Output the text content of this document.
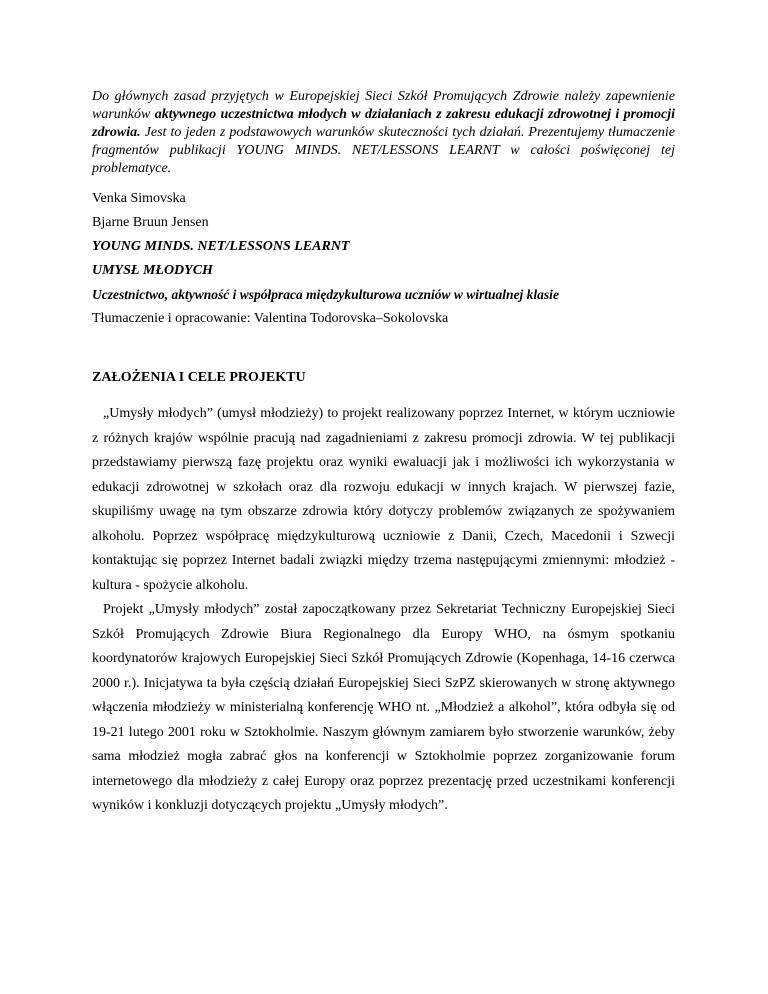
Do głównych zasad przyjętych w Europejskiej Sieci Szkół Promujących Zdrowie należy zapewnienie warunków aktywnego uczestnictwa młodych w działaniach z zakresu edukacji zdrowotnej i promocji zdrowia. Jest to jeden z podstawowych warunków skuteczności tych działań. Prezentujemy tłumaczenie fragmentów publikacji YOUNG MINDS. NET/LESSONS LEARNT w całości poświęconej tej problematyce.

Venka Simovska

Bjarne Bruun Jensen

YOUNG MINDS. NET/LESSONS LEARNT

UMYSŁ MŁODYCH

Uczestnictwo, aktywność i współpraca międzykulturowa uczniów w wirtualnej klasie

Tłumaczenie i opracowanie: Valentina Todorovska–Sokolovska

ZAŁOŻENIA I CELE PROJEKTU

„Umysły młodych” (umysł młodzieży) to projekt realizowany poprzez Internet, w którym uczniowie z różnych krajów wspólnie pracują nad zagadnieniami z zakresu promocji zdrowia. W tej publikacji przedstawiamy pierwszą fazę projektu oraz wyniki ewaluacji jak i możliwości ich wykorzystania w edukacji zdrowotnej w szkołach oraz dla rozwoju edukacji w innych krajach. W pierwszej fazie, skupiliśmy uwagę na tym obszarze zdrowia który dotyczy problemów związanych ze spożywaniem alkoholu. Poprzez współpracę międzykulturową uczniowie z Danii, Czech, Macedonii i Szwecji kontaktując się poprzez Internet badali związki między trzema następującymi zmiennymi: młodzież - kultura - spożycie alkoholu.

Projekt „Umysły młodych” został zapoczątkowany przez Sekretariat Techniczny Europejskiej Sieci Szkół Promujących Zdrowie Biura Regionalnego dla Europy WHO, na ósmym spotkaniu koordynatorów krajowych Europejskiej Sieci Szkół Promujących Zdrowie (Kopenhaga, 14-16 czerwca 2000 r.). Inicjatywa ta była częścią działań Europejskiej Sieci SzPZ skierowanych w stronę aktywnego włączenia młodzieży w ministerialną konferencję WHO nt. „Młodzież a alkohol”, która odbyła się od 19-21 lutego 2001 roku w Sztokholmie. Naszym głównym zamiarem było stworzenie warunków, żeby sama młodzież mogła zabrać głos na konferencji w Sztokholmie poprzez zorganizowanie forum internetowego dla młodzieży z całej Europy oraz poprzez prezentację przed uczestnikami konferencji wyników i konkluzji dotyczących projektu „Umysły młodych”.
